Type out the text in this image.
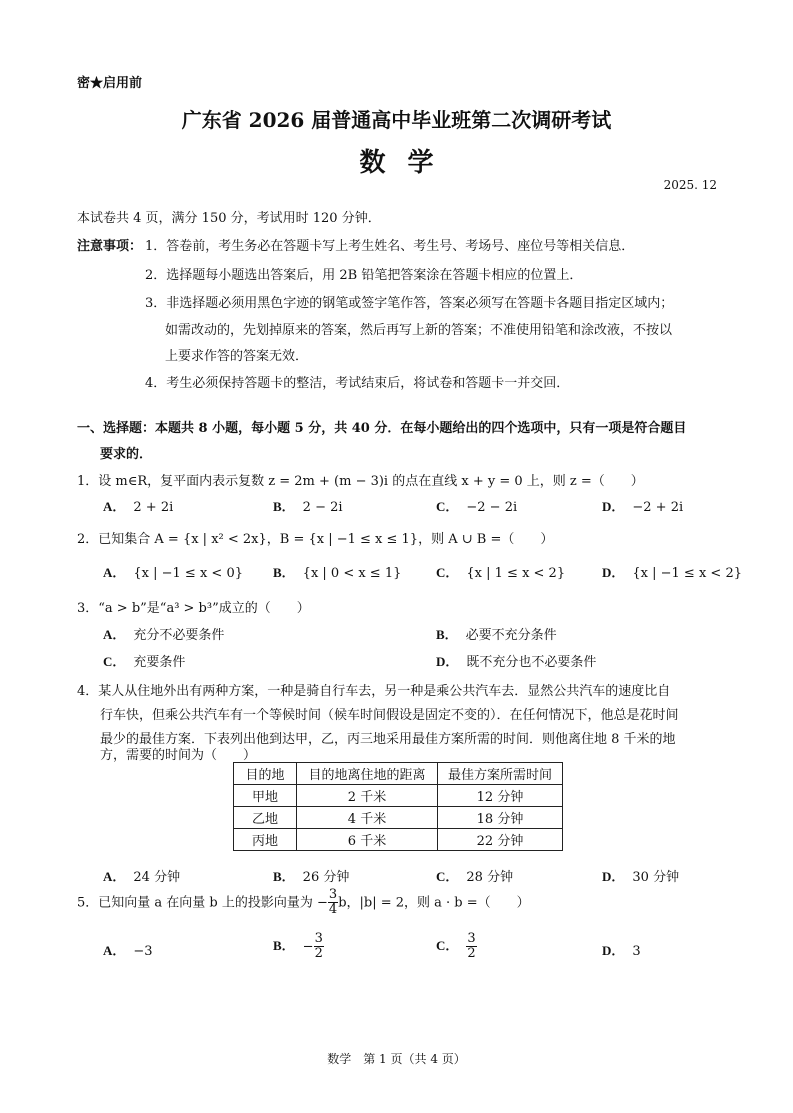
密★启用前
广东省 2026 届普通高中毕业班第二次调研考试
数学
2025. 12
本试卷共 4 页，满分 150 分，考试用时 120 分钟．
注意事项： 1．答卷前，考生务必在答题卡写上考生姓名、考生号、考场号、座位号等相关信息．
2．选择题每小题选出答案后，用 2B 铅笔把答案涂在答题卡相应的位置上．
3．非选择题必须用黑色字迹的钢笔或签字笔作答，答案必须写在答题卡各题目指定区域内；
如需改动的，先划掉原来的答案，然后再写上新的答案；不准使用铅笔和涂改液，不按以
上要求作答的答案无效．
4．考生必须保持答题卡的整洁，考试结束后，将试卷和答题卡一并交回．
一、选择题：本题共 8 小题，每小题 5 分，共 40 分．在每小题给出的四个选项中，只有一项是符合题目
要求的．
1．设 m∈R，复平面内表示复数 z = 2m + (m − 3)i 的点在直线 x + y = 0 上，则 z =（　　）
A． 2 + 2i	B． 2 − 2i	C． −2 − 2i	D． −2 + 2i
2．已知集合 A = {x | x² < 2x}，B = {x | −1 ≤ x ≤ 1}，则 A ∪ B =（　　）
A． {x | −1 ≤ x < 0} B． {x | 0 < x ≤ 1}	C． {x | 1 ≤ x < 2}	D． {x | −1 ≤ x < 2}
3．“a > b”是“a³ > b³”成立的（　　）
A． 充分不必要条件	B． 必要不充分条件
C． 充要条件	D． 既不充分也不必要条件
4．某人从住地外出有两种方案，一种是骑自行车去，另一种是乘公共汽车去．显然公共汽车的速度比自
行车快，但乘公共汽车有一个等候时间（候车时间假设是固定不变的）．在任何情况下，他总是花时间
最少的最佳方案．下表列出他到达甲，乙，丙三地采用最佳方案所需的时间．则他离住地 8 千米的地
方，需要的时间为（　　）
目的地	目的地离住地的距离	最佳方案所需时间
甲地	2 千米	12 分钟
乙地	4 千米	18 分钟
丙地	6 千米	22 分钟
A． 24 分钟	B． 26 分钟	C． 28 分钟	D． 30 分钟
5．已知向量 a 在向量 b 上的投影向量为 − $\frac{3}{4}$ b，|b| = 2，则 a · b =（　　）
A． −3	B． − $\frac{3}{2}$	C． $\frac{3}{2}$	D． 3
数学　第 1 页（共 4 页）
